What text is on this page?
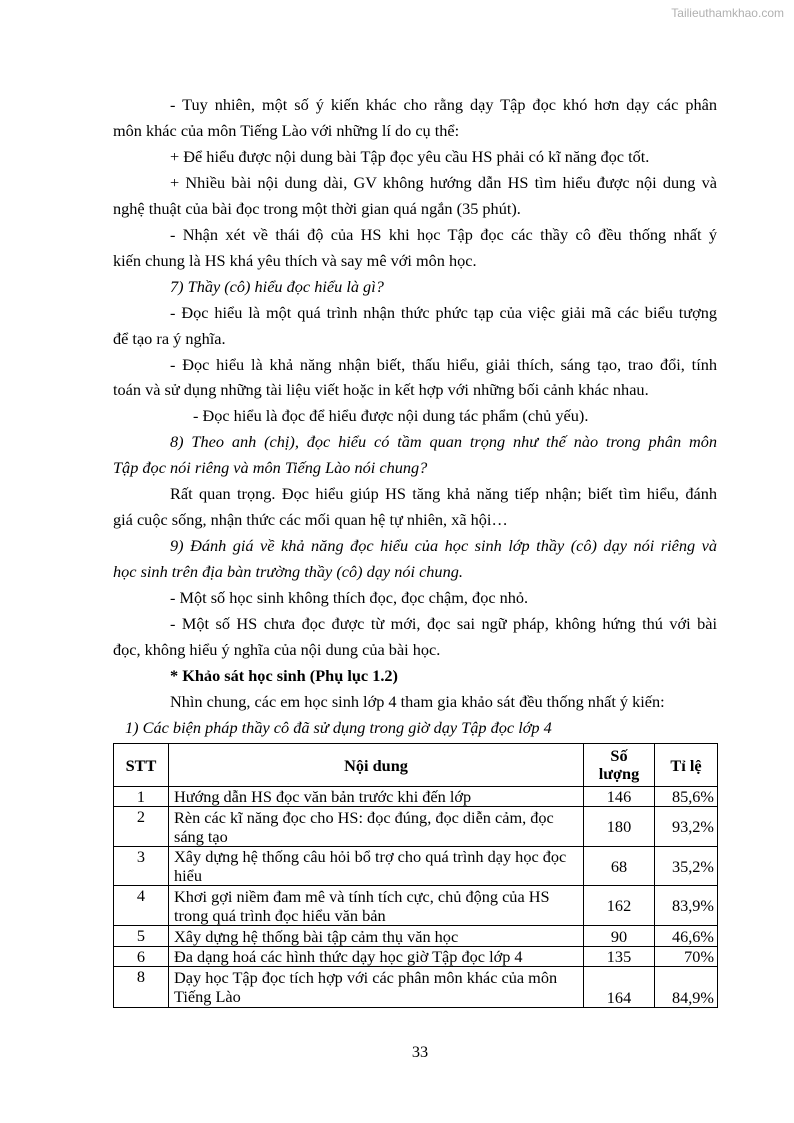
Tailieuthamkhao.com
- Tuy nhiên, một số ý kiến khác cho rằng dạy Tập đọc khó hơn dạy các phân
môn khác của môn Tiếng Lào với những lí do cụ thể:
+ Để hiểu được nội dung bài Tập đọc yêu cầu HS phải có kĩ năng đọc tốt.
+ Nhiều bài nội dung dài, GV không hướng dẫn HS tìm hiểu được nội dung và
nghệ thuật của bài đọc trong một thời gian quá ngắn (35 phút).
- Nhận xét về thái độ của HS khi học Tập đọc các thầy cô đều thống nhất ý
kiến chung là HS khá yêu thích và say mê với môn học.
7) Thầy (cô) hiểu đọc hiểu là gì?
- Đọc hiểu là một quá trình nhận thức phức tạp của việc giải mã các biểu tượng
để tạo ra ý nghĩa.
- Đọc hiểu là khả năng nhận biết, thấu hiểu, giải thích, sáng tạo, trao đổi, tính
toán và sử dụng những tài liệu viết hoặc in kết hợp với những bối cảnh khác nhau.
- Đọc hiểu là đọc để hiểu được nội dung tác phẩm (chủ yếu).
8) Theo anh (chị), đọc hiểu có tầm quan trọng như thế nào trong phân môn
Tập đọc nói riêng và môn Tiếng Lào nói chung?
Rất quan trọng. Đọc hiểu giúp HS tăng khả năng tiếp nhận; biết tìm hiểu, đánh
giá cuộc sống, nhận thức các mối quan hệ tự nhiên, xã hội…
9) Đánh giá về khả năng đọc hiểu của học sinh lớp thầy (cô) dạy nói riêng và
học sinh trên địa bàn trường thầy (cô) dạy nói chung.
- Một số học sinh không thích đọc, đọc chậm, đọc nhỏ.
- Một số HS chưa đọc được từ mới, đọc sai ngữ pháp, không hứng thú với bài
đọc, không hiểu ý nghĩa của nội dung của bài học.
* Khảo sát học sinh (Phụ lục 1.2)
Nhìn chung, các em học sinh lớp 4 tham gia khảo sát đều thống nhất ý kiến:
1) Các biện pháp thầy cô đã sử dụng trong giờ dạy Tập đọc lớp 4
STT	Nội dung	Số lượng	Tỉ lệ
1	Hướng dẫn HS đọc văn bản trước khi đến lớp	146	85,6%
2	Rèn các kĩ năng đọc cho HS: đọc đúng, đọc diễn cảm, đọc sáng tạo	180	93,2%
3	Xây dựng hệ thống câu hỏi bổ trợ cho quá trình dạy học đọc hiểu	68	35,2%
4	Khơi gợi niềm đam mê và tính tích cực, chủ động của HS trong quá trình đọc hiểu văn bản	162	83,9%
5	Xây dựng hệ thống bài tập cảm thụ văn học	90	46,6%
6	Đa dạng hoá các hình thức dạy học giờ Tập đọc lớp 4	135	70%
8	Dạy học Tập đọc tích hợp với các phân môn khác của môn Tiếng Lào	164	84,9%
33
